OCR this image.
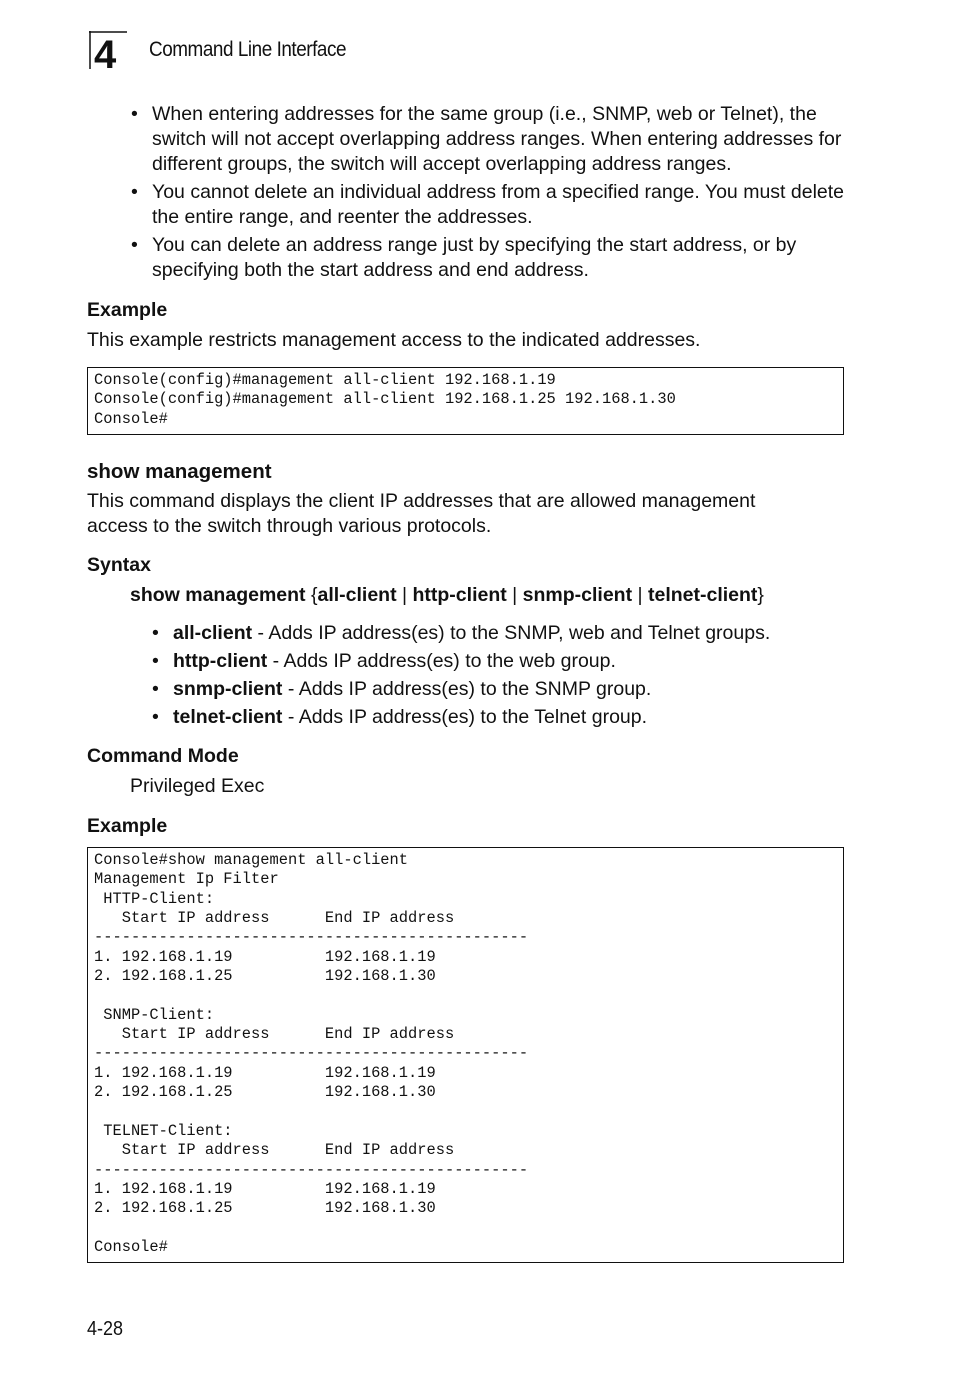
4 Command Line Interface
• When entering addresses for the same group (i.e., SNMP, web or Telnet), the switch will not accept overlapping address ranges. When entering addresses for different groups, the switch will accept overlapping address ranges.
• You cannot delete an individual address from a specified range. You must delete the entire range, and reenter the addresses.
• You can delete an address range just by specifying the start address, or by specifying both the start address and end address.
Example
This example restricts management access to the indicated addresses.
Console(config)#management all-client 192.168.1.19
Console(config)#management all-client 192.168.1.25 192.168.1.30
Console#
show management
This command displays the client IP addresses that are allowed management access to the switch through various protocols.
Syntax
show management {all-client | http-client | snmp-client | telnet-client}
• all-client - Adds IP address(es) to the SNMP, web and Telnet groups.
• http-client - Adds IP address(es) to the web group.
• snmp-client - Adds IP address(es) to the SNMP group.
• telnet-client - Adds IP address(es) to the Telnet group.
Command Mode
Privileged Exec
Example
Console#show management all-client
Management Ip Filter
HTTP-Client:
Start IP address      End IP address
-----------------------------------------------
1. 192.168.1.19          192.168.1.19
2. 192.168.1.25          192.168.1.30

SNMP-Client:
Start IP address      End IP address
-----------------------------------------------
1. 192.168.1.19          192.168.1.19
2. 192.168.1.25          192.168.1.30

TELNET-Client:
Start IP address      End IP address
-----------------------------------------------
1. 192.168.1.19          192.168.1.19
2. 192.168.1.25          192.168.1.30

Console#
4-28
